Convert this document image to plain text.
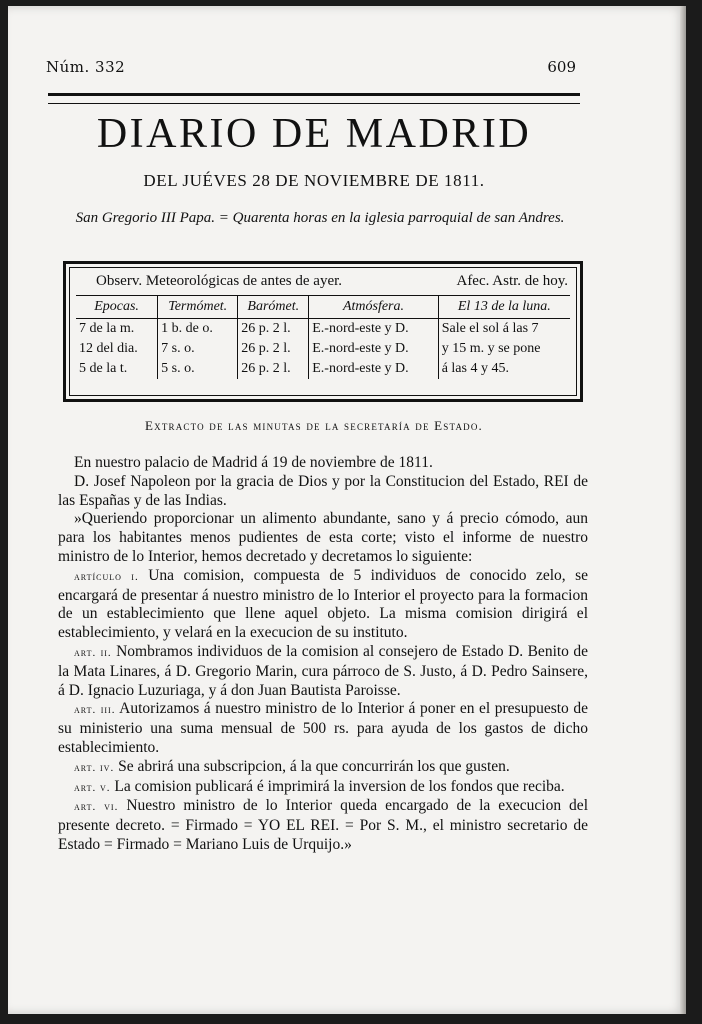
Núm. 332	609
DIARIO DE MADRID
DEL JUÉVES 28 DE NOVIEMBRE DE 1811.
San Gregorio III Papa. = Quarenta horas en la iglesia parroquial de san Andres.
Observ. Meteorológicas de antes de ayer.	Afec. Astr. de hoy.
Epocas.	Termómet.	Barómet.	Atmósfera.	El 13 de la luna.
7 de la m.	1 b. de o.	26 p. 2 l.	E.-nord-este y D.	Sale el sol á las 7
12 del dia.	7 s. o.	26 p. 2 l.	E.-nord-este y D.	y 15 m. y se pone
5 de la t.	5 s. o.	26 p. 2 l.	E.-nord-este y D.	á las 4 y 45.
Extracto de las minutas de la secretaría de Estado.

En nuestro palacio de Madrid á 19 de noviembre de 1811.

D. Josef Napoleon por la gracia de Dios y por la Constitucion del Estado, REI de las Españas y de las Indias.

»Queriendo proporcionar un alimento abundante, sano y á precio cómodo, aun para los habitantes menos pudientes de esta corte; visto el informe de nuestro ministro de lo Interior, hemos decretado y decretamos lo siguiente:

artículo i. Una comision, compuesta de 5 individuos de conocido zelo, se encargará de presentar á nuestro ministro de lo Interior el proyecto para la formacion de un establecimiento que llene aquel objeto. La misma comision dirigirá el establecimiento, y velará en la execucion de su instituto.

art. ii. Nombramos individuos de la comision al consejero de Estado D. Benito de la Mata Linares, á D. Gregorio Marin, cura párroco de S. Justo, á D. Pedro Sainsere, á D. Ignacio Luzuriaga, y á don Juan Bautista Paroisse.

art. iii. Autorizamos á nuestro ministro de lo Interior á poner en el presupuesto de su ministerio una suma mensual de 500 rs. para ayuda de los gastos de dicho establecimiento.

art. iv. Se abrirá una subscripcion, á la que concurrirán los que gusten.

art. v. La comision publicará é imprimirá la inversion de los fondos que reciba.

art. vi. Nuestro ministro de lo Interior queda encargado de la execucion del presente decreto. = Firmado = YO EL REI. = Por S. M., el ministro secretario de Estado = Firmado = Mariano Luis de Urquijo.»
